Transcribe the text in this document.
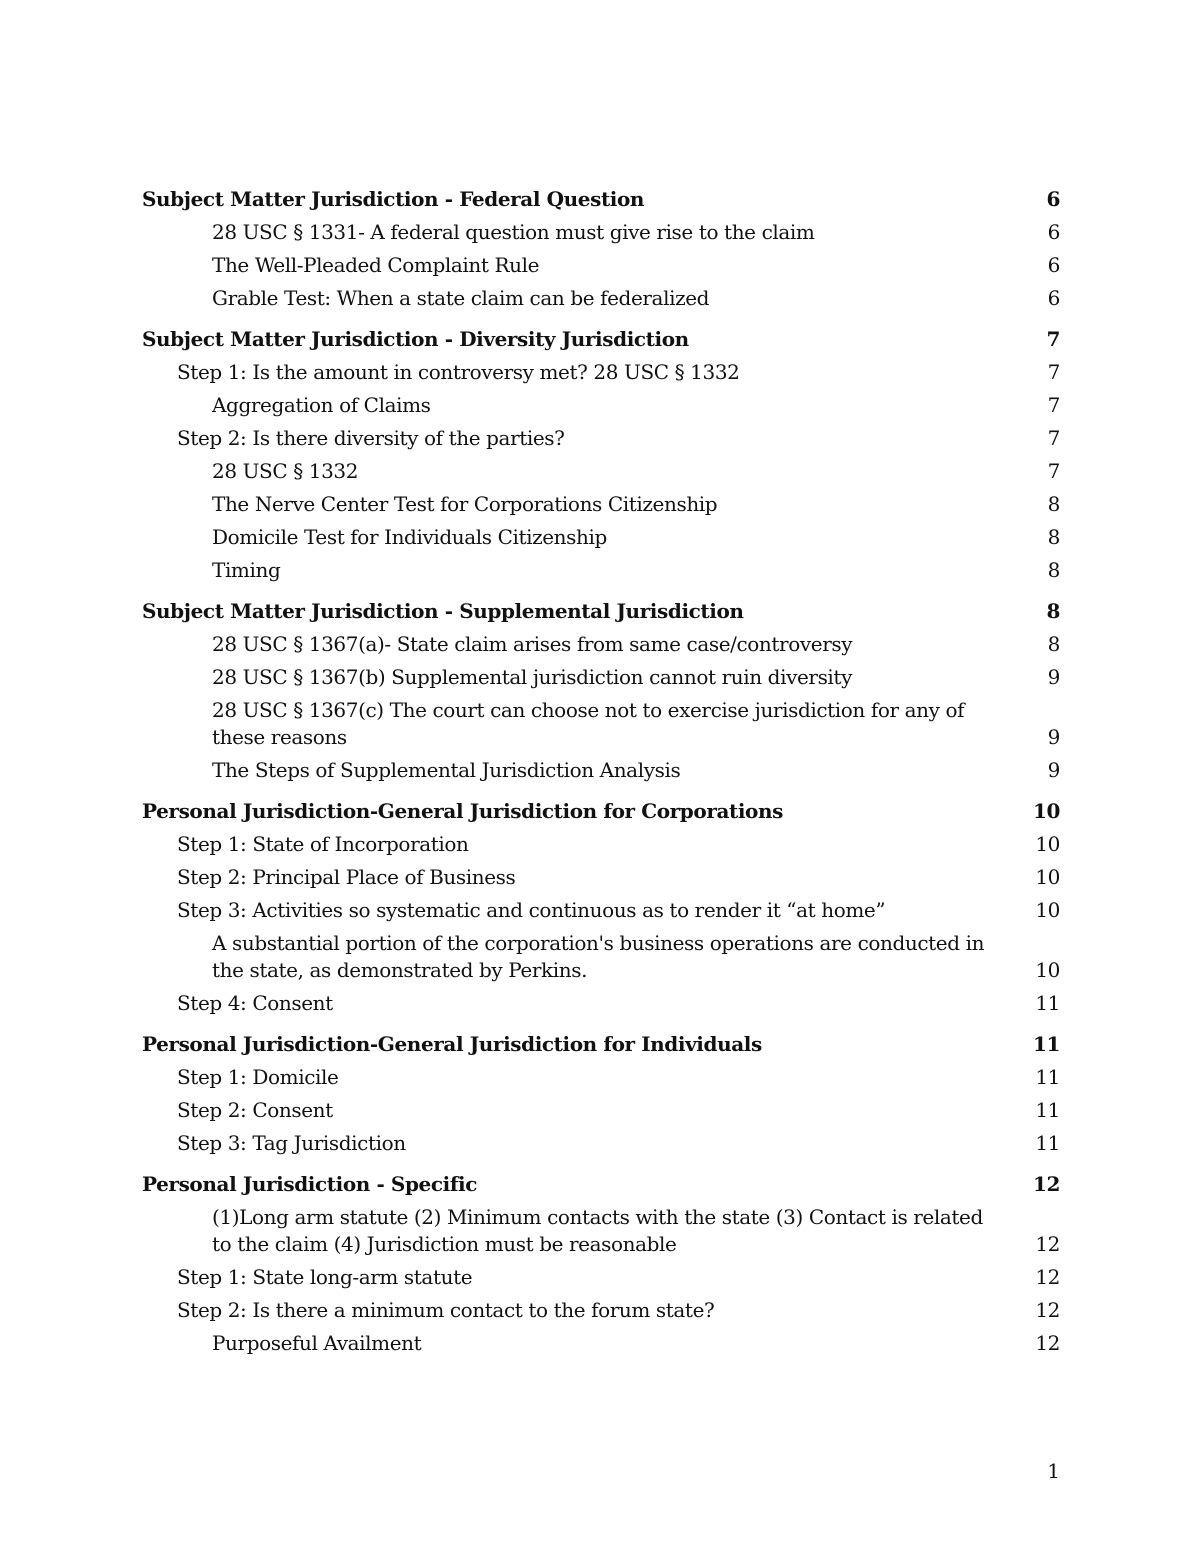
Subject Matter Jurisdiction - Federal Question	6
28 USC § 1331- A federal question must give rise to the claim	6
The Well-Pleaded Complaint Rule	6
Grable Test: When a state claim can be federalized	6
Subject Matter Jurisdiction - Diversity Jurisdiction	7
Step 1: Is the amount in controversy met? 28 USC § 1332	7
Aggregation of Claims	7
Step 2: Is there diversity of the parties?	7
28 USC § 1332	7
The Nerve Center Test for Corporations Citizenship	8
Domicile Test for Individuals Citizenship	8
Timing	8
Subject Matter Jurisdiction - Supplemental Jurisdiction	8
28 USC § 1367(a)- State claim arises from same case/controversy	8
28 USC § 1367(b) Supplemental jurisdiction cannot ruin diversity	9
28 USC § 1367(c) The court can choose not to exercise jurisdiction for any of these reasons	9
The Steps of Supplemental Jurisdiction Analysis	9
Personal Jurisdiction-General Jurisdiction for Corporations	10
Step 1: State of Incorporation	10
Step 2: Principal Place of Business	10
Step 3: Activities so systematic and continuous as to render it “at home”	10
A substantial portion of the corporation's business operations are conducted in the state, as demonstrated by Perkins.	10
Step 4: Consent	11
Personal Jurisdiction-General Jurisdiction for Individuals	11
Step 1: Domicile	11
Step 2: Consent	11
Step 3: Tag Jurisdiction	11
Personal Jurisdiction - Specific	12
(1)Long arm statute (2) Minimum contacts with the state (3) Contact is related to the claim (4) Jurisdiction must be reasonable	12
Step 1: State long-arm statute	12
Step 2: Is there a minimum contact to the forum state?	12
Purposeful Availment	12
1
